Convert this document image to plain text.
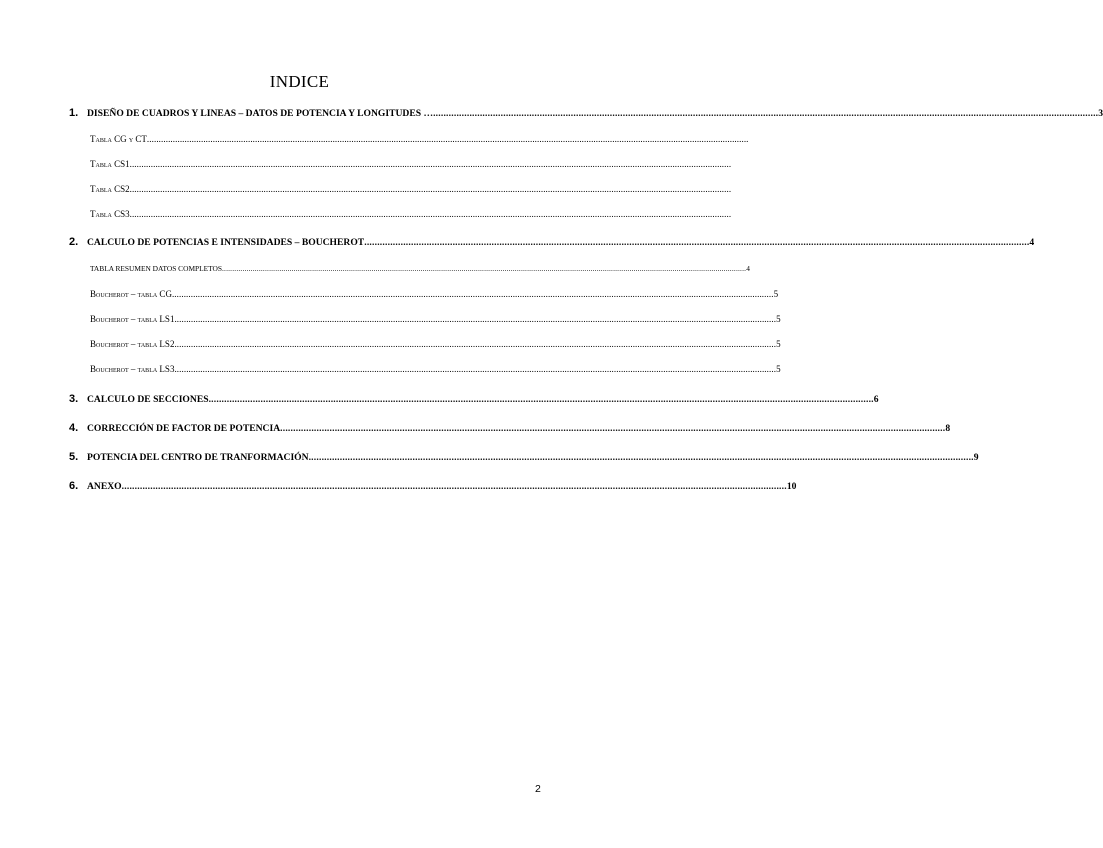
INDICE
1. DISEÑO DE CUADROS Y LINEAS – DATOS DE POTENCIA Y LONGITUDES … ................................................................................................................................................................................................................................................................ 3
Tabla CG y CT ................................................................................................................................................................................................................................................................
Tabla CS1 ................................................................................................................................................................................................................................................................
Tabla CS2 ................................................................................................................................................................................................................................................................
Tabla CS3 ................................................................................................................................................................................................................................................................
2. CALCULO DE POTENCIAS E INTENSIDADES – BOUCHEROT ................................................................................................................................................................................................................................................................ 4
TABLA RESUMEN DATOS COMPLETOS ................................................................................................................................................................................................................................................................ 4
Boucherot – tabla CG ................................................................................................................................................................................................................................................................ 5
Boucherot – tabla LS1 ................................................................................................................................................................................................................................................................ 5
Boucherot – tabla LS2 ................................................................................................................................................................................................................................................................ 5
Boucherot – tabla LS3 ................................................................................................................................................................................................................................................................ 5
3. CALCULO DE SECCIONES ................................................................................................................................................................................................................................................................ 6
4. CORRECCIÓN DE FACTOR DE POTENCIA ................................................................................................................................................................................................................................................................ 8
5. POTENCIA DEL CENTRO DE TRANFORMACIÓN ................................................................................................................................................................................................................................................................ 9
6. ANEXO ................................................................................................................................................................................................................................................................ 10
2
